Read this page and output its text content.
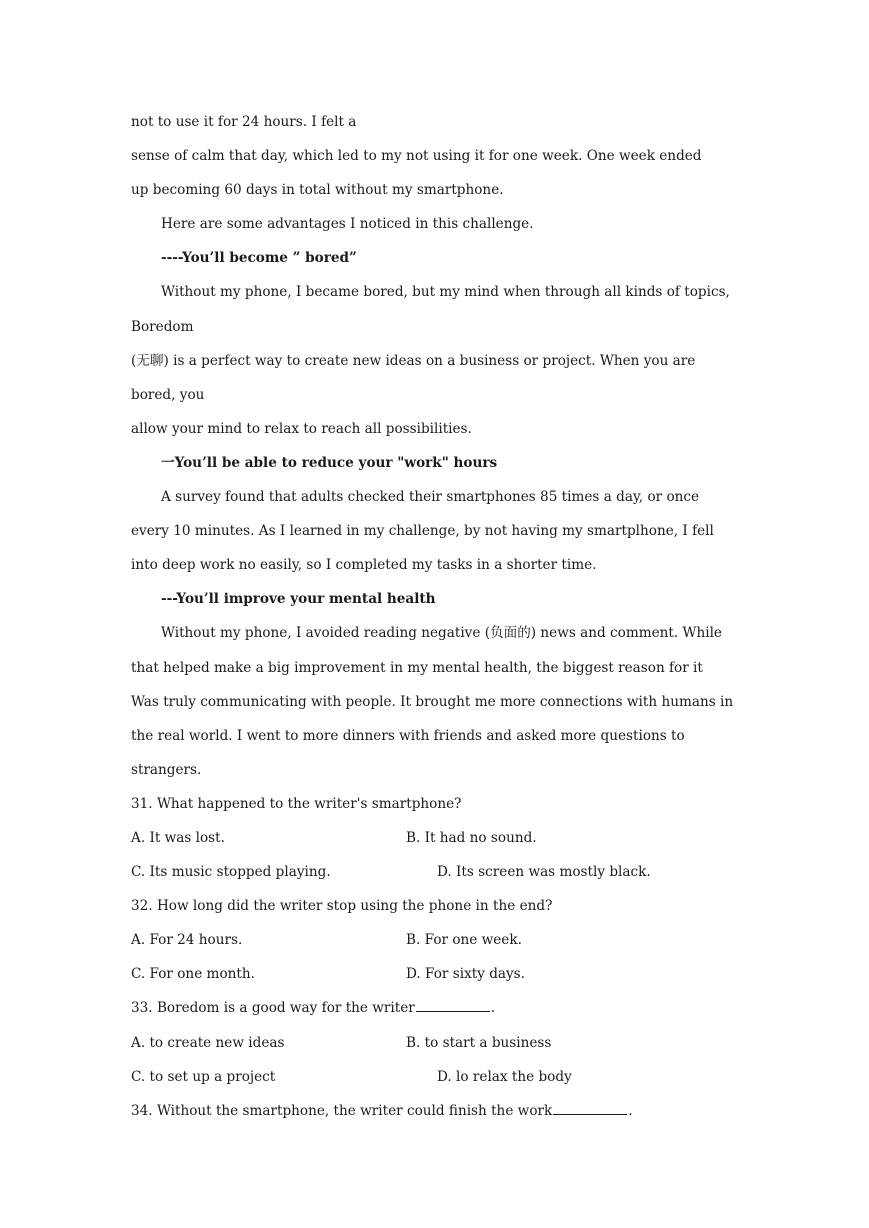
not to use it for 24 hours. I felt a
sense of calm that day, which led to my not using it for one week. One week ended
up becoming 60 days in total without my smartphone.
Here are some advantages I noticed in this challenge.
----You’ll become ” bored”
Without my phone, I became bored, but my mind when through all kinds of topics,
Boredom
(无聊) is a perfect way to create new ideas on a business or project. When you are
bored, you
allow your mind to relax to reach all possibilities.
一You’ll be able to reduce your "work" hours
A survey found that adults checked their smartphones 85 times a day, or once
every 10 minutes. As I learned in my challenge, by not having my smartplhone, I fell
into deep work no easily, so I completed my tasks in a shorter time.
---You’ll improve your mental health
Without my phone, I avoided reading negative (负面的) news and comment. While
that helped make a big improvement in my mental health, the biggest reason for it
Was truly communicating with people. It brought me more connections with humans in
the real world. I went to more dinners with friends and asked more questions to
strangers.
31. What happened to the writer's smartphone?
A. It was lost.	B. It had no sound.
C. Its music stopped playing.	D. Its screen was mostly black.
32. How long did the writer stop using the phone in the end?
A. For 24 hours.	B. For one week.
C. For one month.	D. For sixty days.
33. Boredom is a good way for the writer	.
A. to create new ideas	B. to start a business
C. to set up a project	D. lo relax the body
34. Without the smartphone, the writer could finish the work	.
